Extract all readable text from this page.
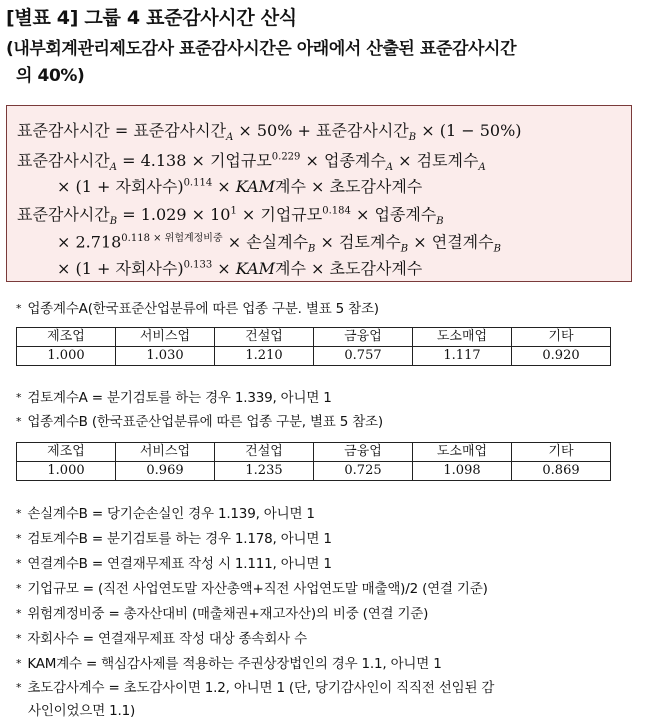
[별표 4] 그룹 4 표준감사시간 산식
(내부회계관리제도감사 표준감사시간은 아래에서 산출된 표준감사시간
의 40%)
표준감사시간 = 표준감사시간$_A$ × 50% + 표준감사시간$_B$ × (1 − 50%)
표준감사시간$_A$ = 4.138 × 기업규모$^{0.229}$ × 업종계수$_A$ × 검토계수$_A$
× (1 + 자회사수)$^{0.114}$ × KAM계수 × 초도감사계수
표준감사시간$_B = 1.029 \times 10^1$ × 기업규모$^{0.184}$ × 업종계수$_B$
× $2.718^{0.118 \times 위험계정비중}$ × 손실계수$_B$ × 검토계수$_B$ × 연결계수$_B$
× (1 + 자회사수)$^{0.133}$ × KAM계수 × 초도감사계수
* 업종계수A(한국표준산업분류에 따른 업종 구분. 별표 5 참조)
제조업	서비스업	건설업	금융업	도소매업	기타
1.000	1.030	1.210	0.757	1.117	0.920
* 검토계수A = 분기검토를 하는 경우 1.339, 아니면 1
* 업종계수B (한국표준산업분류에 따른 업종 구분, 별표 5 참조)
제조업	서비스업	건설업	금융업	도소매업	기타
1.000	0.969	1.235	0.725	1.098	0.869
* 손실계수B = 당기순손실인 경우 1.139, 아니면 1
* 검토계수B = 분기검토를 하는 경우 1.178, 아니면 1
* 연결계수B = 연결재무제표 작성 시 1.111, 아니면 1
* 기업규모 = (직전 사업연도말 자산총액+직전 사업연도말 매출액)/2 (연결 기준)
* 위험계정비중 = 총자산대비 (매출채권+재고자산)의 비중 (연결 기준)
* 자회사수 = 연결재무제표 작성 대상 종속회사 수
* KAM계수 = 핵심감사제를 적용하는 주권상장법인의 경우 1.1, 아니면 1
* 초도감사계수 = 초도감사이면 1.2, 아니면 1 (단, 당기감사인이 직직전 선임된 감
사인이었으면 1.1)
